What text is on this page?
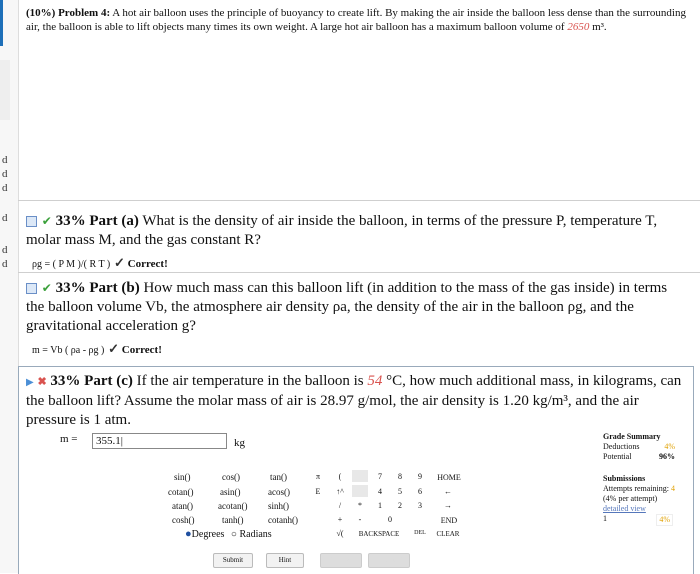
d
d
d
d
d
d
(10%) Problem 4: A hot air balloon uses the principle of buoyancy to create lift. By making the air inside the balloon less dense than the surrounding air, the balloon is able to lift objects many times its own weight. A large hot air balloon has a maximum balloon volume of 2650 m³.
✔ 33% Part (a) What is the density of air inside the balloon, in terms of the pressure P, temperature T, molar mass M, and the gas constant R?
ρg = ( P M )/( R T ) ✓ Correct!
✔ 33% Part (b) How much mass can this balloon lift (in addition to the mass of the gas inside) in terms the balloon volume Vb, the atmosphere air density ρa, the density of the air in the balloon ρg, and the gravitational acceleration g?
m = Vb ( ρa - ρg ) ✓ Correct!
▶ ✖ 33% Part (c) If the air temperature in the balloon is 54 °C, how much additional mass, in kilograms, can the balloon lift? Assume the molar mass of air is 28.97 g/mol, the air density is 1.20 kg/m³, and the air pressure is 1 atm.
m =	355.1|	kg
Grade Summary
Deductions	4%
Potential	96%
Submissions
Attempts remaining: 4
(4% per attempt)
detailed view
1	4%
sin()	cos()	tan()
cotan()	asin()	acos()
atan()	acotan() sinh()
cosh()	tanh()	cotanh()
π	(	7	8	9	HOME
E	↑^	4	5	6	←
/	*	1	2	3	→
+	-	0	END
√(	BACKSPACE	DEL	CLEAR
●Degrees ○ Radians
Submit	Hint	Feedback	I give up!
